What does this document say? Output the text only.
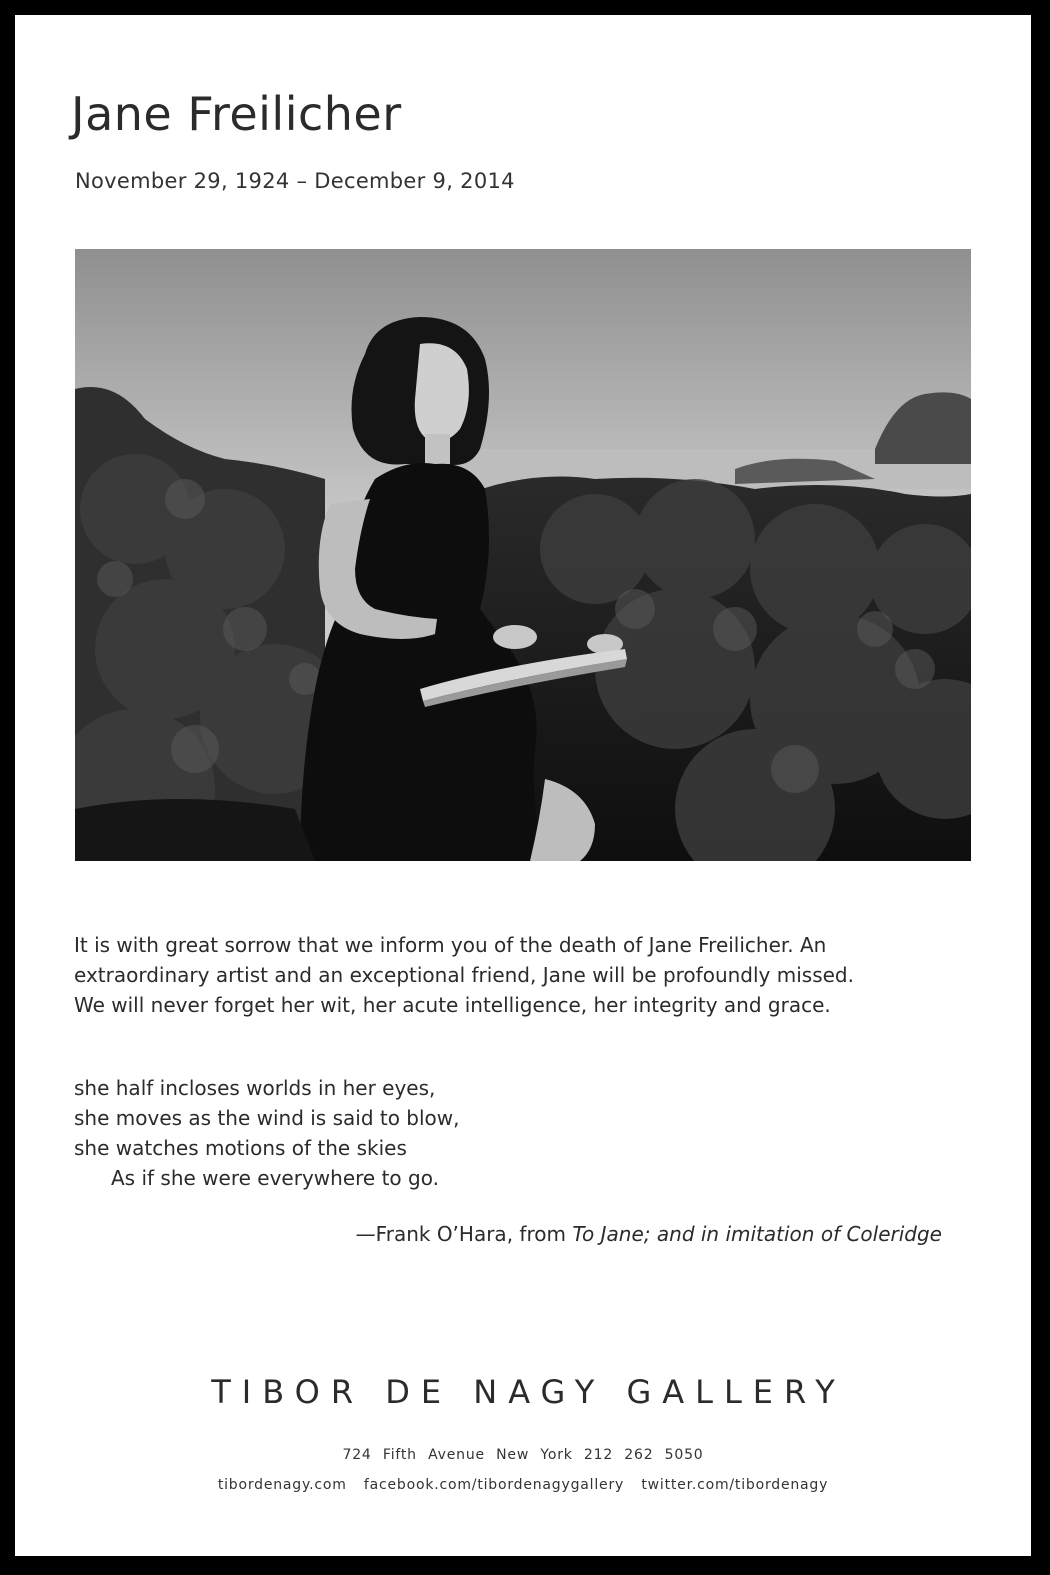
Jane Freilicher
November 29, 1924 – December 9, 2014

It is with great sorrow that we inform you of the death of Jane Freilicher. An
extraordinary artist and an exceptional friend, Jane will be profoundly missed.
We will never forget her wit, her acute intelligence, her integrity and grace.

she half incloses worlds in her eyes,
she moves as the wind is said to blow,
she watches motions of the skies
As if she were everywhere to go.
—Frank O’Hara, from To Jane; and in imitation of Coleridge
TIBOR DE NAGY GALLERY
724 Fifth Avenue New York 212 262 5050
tibordenagy.com facebook.com/tibordenagygallery twitter.com/tibordenagy
